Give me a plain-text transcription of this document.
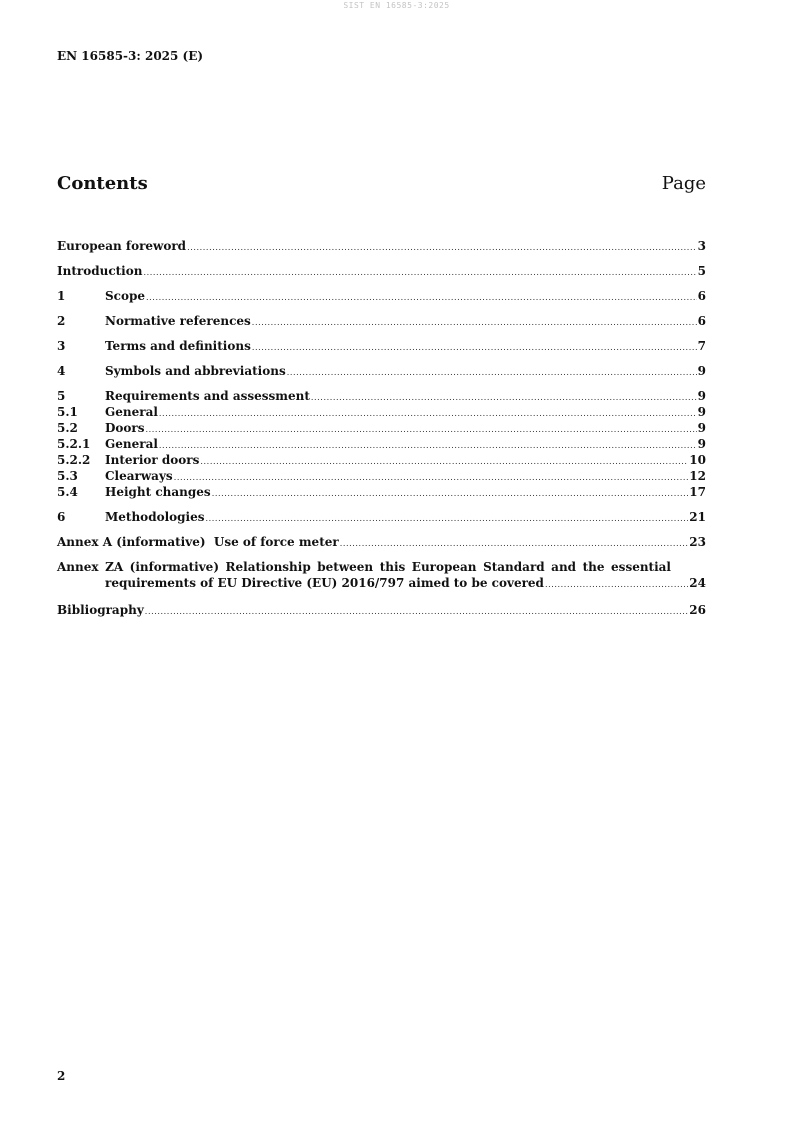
SIST EN 16585-3:2025
EN 16585-3: 2025 (E)
Contents	Page
European foreword .....	3
Introduction .....	5
1	Scope .....	6
2	Normative references .....	6
3	Terms and definitions .....	7
4	Symbols and abbreviations .....	9
5	Requirements and assessment .....	9
5.1	General .....	9
5.2	Doors .....	9
5.2.1	General .....	9
5.2.2	Interior doors .....	10
5.3	Clearways .....	12
5.4	Height changes .....	17
6	Methodologies .....	21
Annex A (informative)  Use of force meter .....	23
Annex ZA (informative) Relationship between this European Standard and the essential
requirements of EU Directive (EU) 2016/797 aimed to be covered .....	24
Bibliography .....	26
2
